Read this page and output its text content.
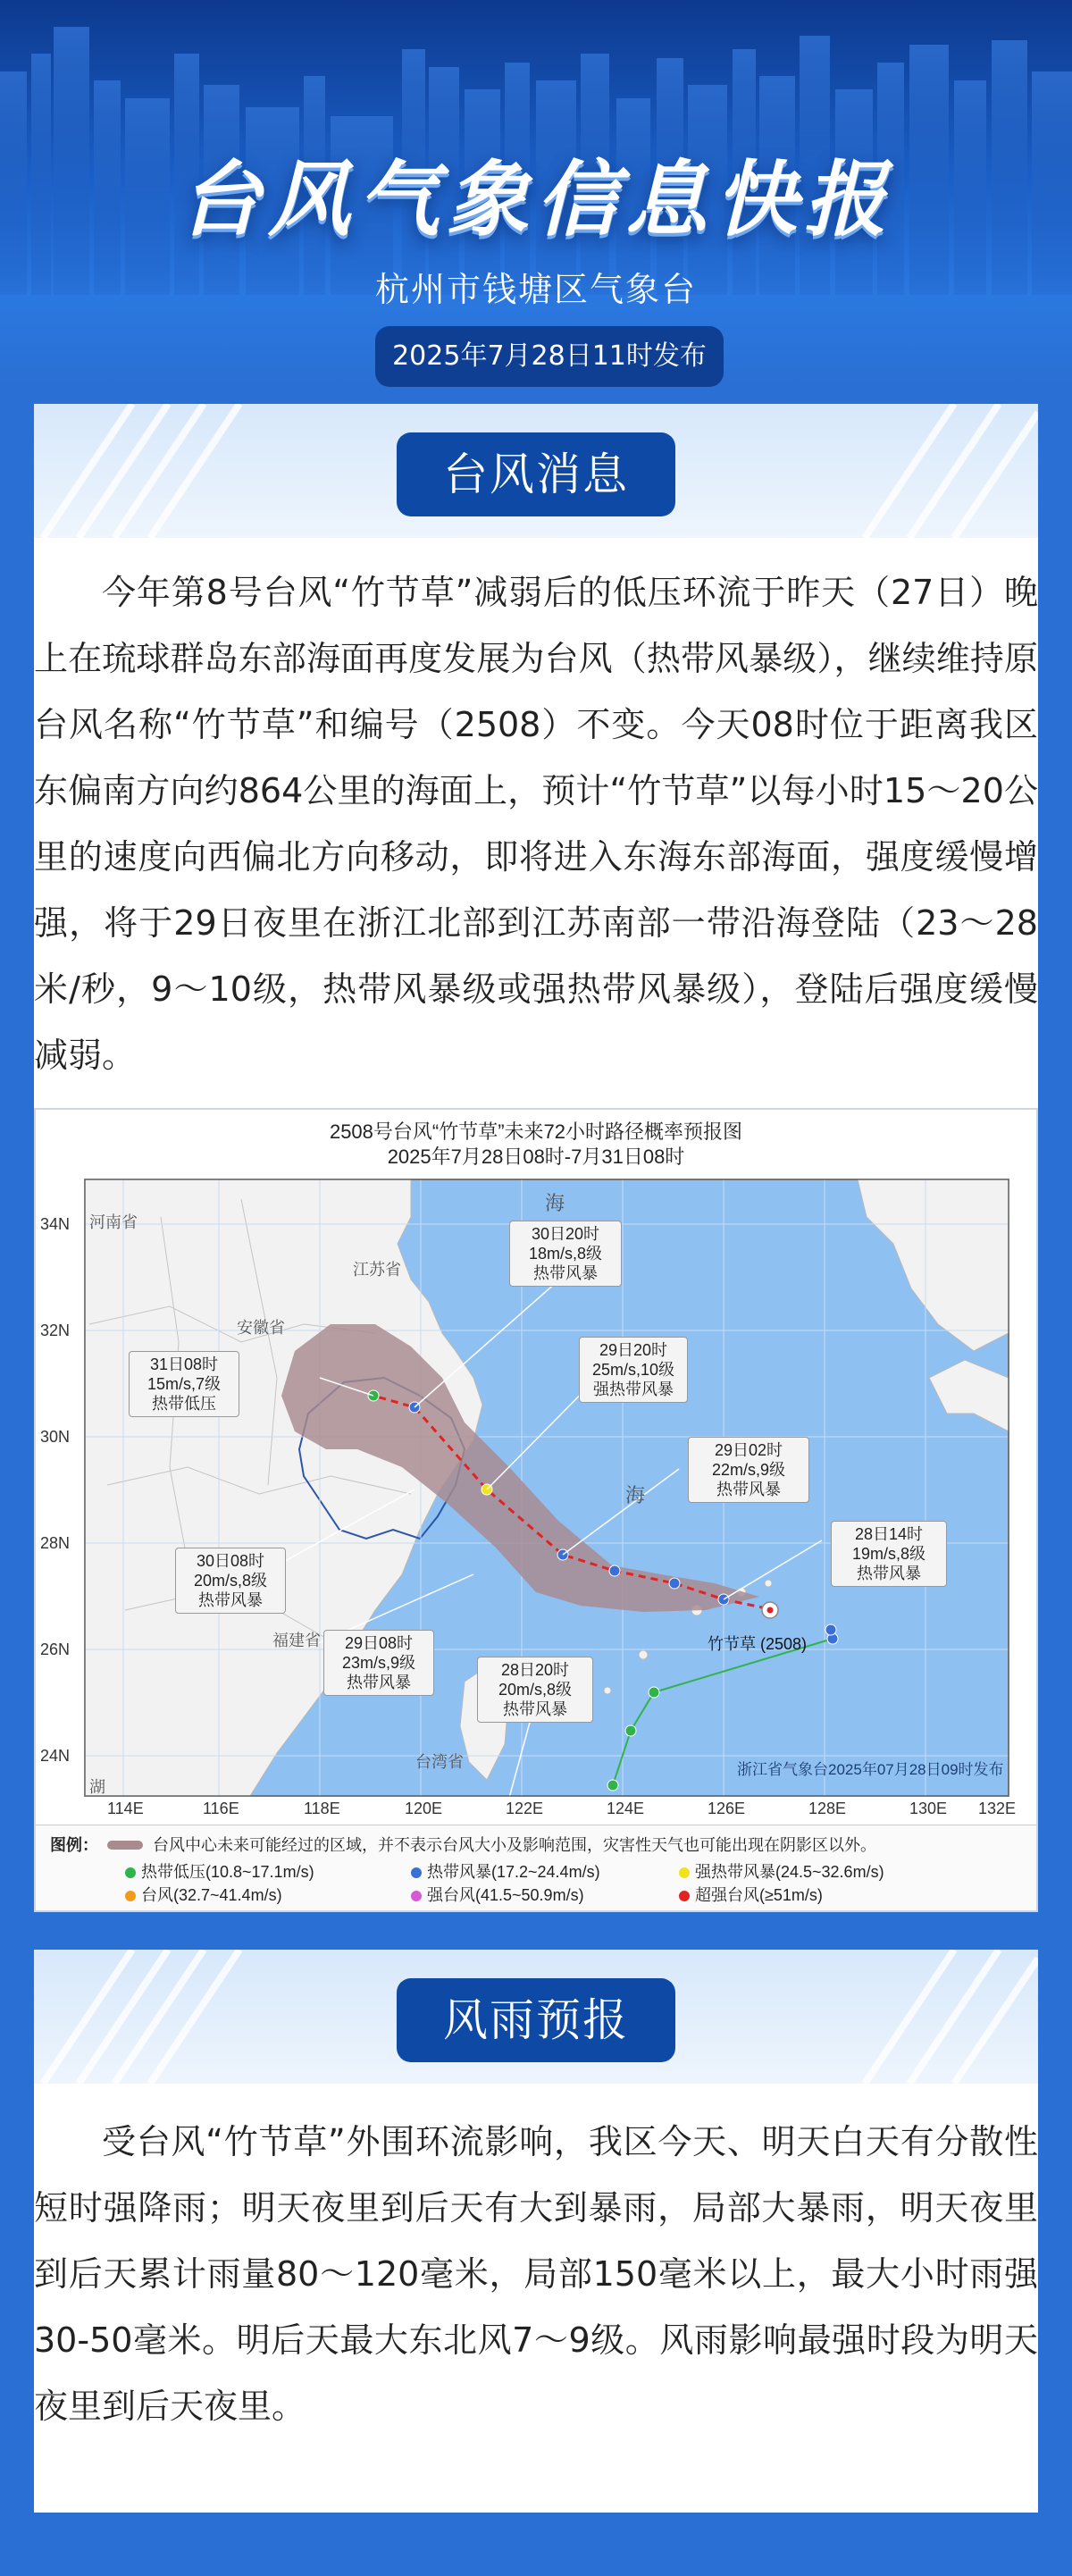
台风气象信息快报
杭州市钱塘区气象台
2025年7月28日11时发布
台风消息
今年第8号台风“竹节草”减弱后的低压环流于昨天（27日）晚上在琉球群岛东部海面再度发展为台风（热带风暴级），继续维持原台风名称“竹节草”和编号（2508）不变。今天08时位于距离我区东偏南方向约864公里的海面上，预计“竹节草”以每小时15～20公里的速度向西偏北方向移动，即将进入东海东部海面，强度缓慢增强，将于29日夜里在浙江北部到江苏南部一带沿海登陆（23～28米/秒，9～10级，热带风暴级或强热带风暴级），登陆后强度缓慢减弱。
2508号台风“竹节草”未来72小时路径概率预报图
2025年7月28日08时-7月31日08时
34N
32N
30N
28N
26N
24N
114E	116E	118E	120E	122E	124E	126E	128E	130E 132E
江苏省
安徽省
福建省
台湾省
海
海
河南省
湖
30日20时
18m/s,8级
热带风暴
29日20时
25m/s,10级
强热带风暴
31日08时
15m/s,7级
热带低压
29日02时
22m/s,9级
热带风暴
28日14时
19m/s,8级
热带风暴
30日08时
20m/s,8级
热带风暴
29日08时
23m/s,9级
热带风暴
28日20时
20m/s,8级
热带风暴
竹节草 (2508)
浙江省气象台2025年07月28日09时发布
图例：	台风中心未来可能经过的区域，并不表示台风大小及影响范围，灾害性天气也可能出现在阴影区以外。
热带低压(10.8~17.1m/s)	热带风暴(17.2~24.4m/s)	强热带风暴(24.5~32.6m/s)
台风(32.7~41.4m/s)	强台风(41.5~50.9m/s)	超强台风(≥51m/s)
风雨预报
受台风“竹节草”外围环流影响，我区今天、明天白天有分散性短时强降雨；明天夜里到后天有大到暴雨，局部大暴雨，明天夜里到后天累计雨量80～120毫米，局部150毫米以上，最大小时雨强30-50毫米。明后天最大东北风7～9级。风雨影响最强时段为明天夜里到后天夜里。
